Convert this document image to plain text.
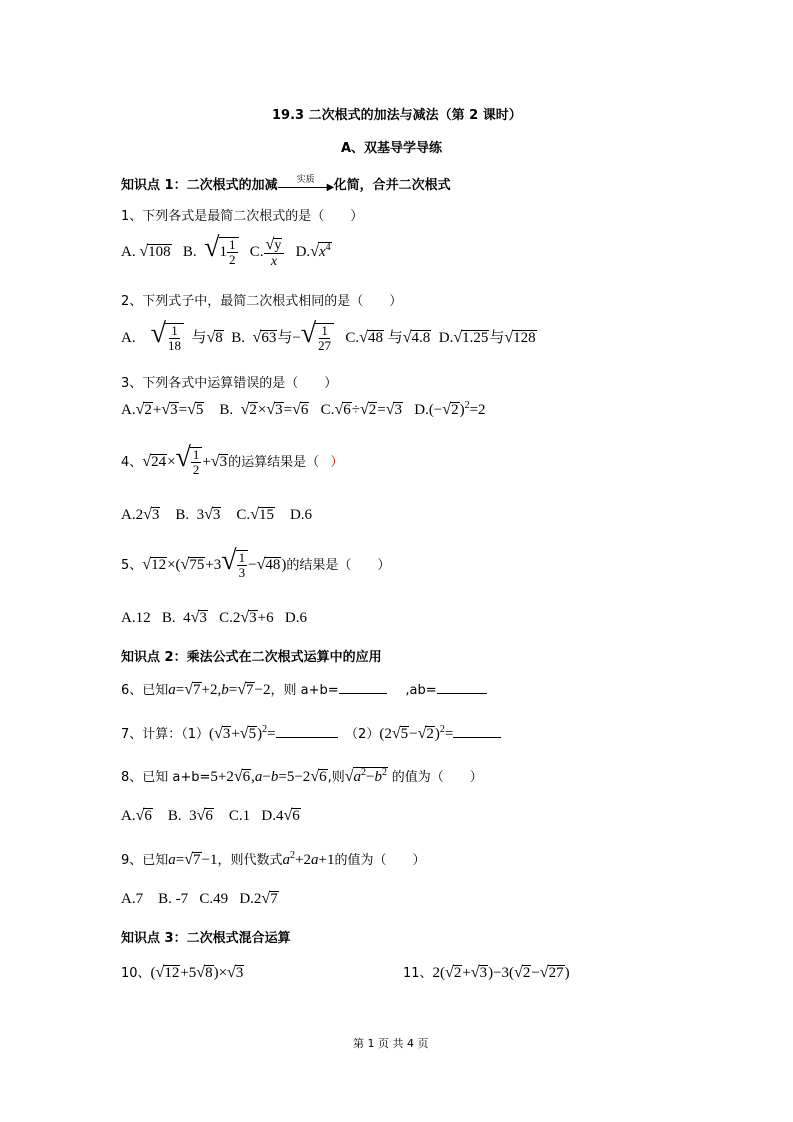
19.3 二次根式的加法与减法（第 2 课时）
A、双基导学导练
知识点 1：二次根式的加减	实质
▶ 化简，合并二次根式
1、下列各式是最简二次根式的是（　　）
A. √108   B.  $√1 \frac{1}{2} C$. $\frac{√y}{x} D.√x^4$
2、下列式子中，最简二次根式相同的是（　　）
A.    √ $\frac{1}{18}$ 与√8  B.  √63与−√ $\frac{1}{27} C.√48$ 与√4.8  D.√1.25与√128
3、下列各式中运算错误的是（　　）
A.√2+√3=√5    B.  √2×√3=√6   C.√6÷√2=√3   $D.(-√2)^2=2$
4、$√24\times√ \frac{1}{2} +√3$的运算结果是（ ）
A.2√3    B.  3√3    C.√15    D.6
5、$√12\times(√75+3√ \frac{1}{3} -√48)$的结果是（　　）
A.12   B.  4√3   C.2√3+6   D.6
知识点 2：乘法公式在二次根式运算中的应用
6、已知a=√7+2,b=√7−2，则 a+b=	,ab=
7、计算：$(1)(√3+√5)^2=$	$(2)(2√5-√2)^2=$
8、已知 a+b=5+2√6,a−b=5−2√6,则$√a^2-b^2$ 的值为（　　）
A.√6    B.  3√6    C.1   D.4√6
9、已知a=√7−1，则代数式$a^2+2a+1$的值为（　　）
A.7    B. -7   C.49   D.2√7
知识点 3：二次根式混合运算
10、(√12+5√8)×√3	11、2(√2+√3)−3(√2−√27)
第 1 页 共 4 页
